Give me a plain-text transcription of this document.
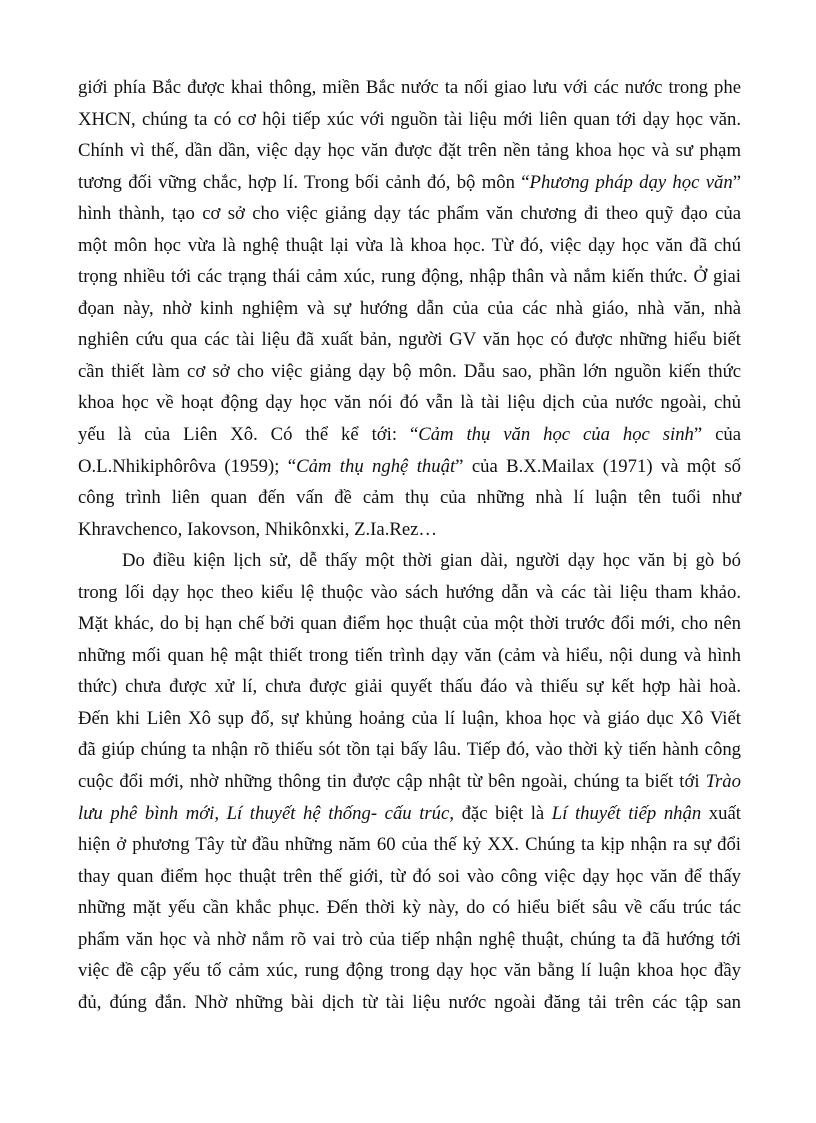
giới phía Bắc được khai thông, miền Bắc nước ta nối giao lưu với các nước trong phe
XHCN, chúng ta có cơ hội tiếp xúc với nguồn tài liệu mới liên quan tới dạy học văn.
Chính vì thế, dần dần, việc dạy học văn được đặt trên nền tảng khoa học và sư phạm
tương đối vững chắc, hợp lí. Trong bối cảnh đó, bộ môn “Phương pháp dạy học văn”
hình thành, tạo cơ sở cho việc giảng dạy tác phẩm văn chương đi theo quỹ đạo của
một môn học vừa là nghệ thuật lại vừa là khoa học. Từ đó, việc dạy học văn đã chú
trọng nhiều tới các trạng thái cảm xúc, rung động, nhập thân và nắm kiến thức. Ở giai
đọan này, nhờ kinh nghiệm và sự hướng dẫn của của các nhà giáo, nhà văn, nhà
nghiên cứu qua các tài liệu đã xuất bản, người GV văn học có được những hiểu biết
cần thiết làm cơ sở cho việc giảng dạy bộ môn. Dẫu sao, phần lớn nguồn kiến thức
khoa học về hoạt động dạy học văn nói đó vẫn là tài liệu dịch của nước ngoài, chủ
yếu là của Liên Xô. Có thể kể tới: “Cảm thụ văn học của học sinh” của
O.L.Nhikiphôrôva (1959); “Cảm thụ nghệ thuật” của B.X.Mailax (1971) và một số
công trình liên quan đến vấn đề cảm thụ của những nhà lí luận tên tuổi như
Khravchenco, Iakovson, Nhikônxki, Z.Ia.Rez…
Do điều kiện lịch sử, dễ thấy một thời gian dài, người dạy học văn bị gò bó
trong lối dạy học theo kiểu lệ thuộc vào sách hướng dẫn và các tài liệu tham khảo.
Mặt khác, do bị hạn chế bởi quan điểm học thuật của một thời trước đổi mới, cho nên
những mối quan hệ mật thiết trong tiến trình dạy văn (cảm và hiểu, nội dung và hình
thức) chưa được xử lí, chưa được giải quyết thấu đáo và thiếu sự kết hợp hài hoà.
Đến khi Liên Xô sụp đổ, sự khủng hoảng của lí luận, khoa học và giáo dục Xô Viết
đã giúp chúng ta nhận rõ thiếu sót tồn tại bấy lâu. Tiếp đó, vào thời kỳ tiến hành công
cuộc đổi mới, nhờ những thông tin được cập nhật từ bên ngoài, chúng ta biết tới Trào
lưu phê bình mới, Lí thuyết hệ thống- cấu trúc, đặc biệt là Lí thuyết tiếp nhận xuất
hiện ở phương Tây từ đầu những năm 60 của thế kỷ XX. Chúng ta kịp nhận ra sự đổi
thay quan điểm học thuật trên thế giới, từ đó soi vào công việc dạy học văn để thấy
những mặt yếu cần khắc phục. Đến thời kỳ này, do có hiểu biết sâu về cấu trúc tác
phẩm văn học và nhờ nắm rõ vai trò của tiếp nhận nghệ thuật, chúng ta đã hướng tới
việc đề cập yếu tố cảm xúc, rung động trong dạy học văn bằng lí luận khoa học đầy
đủ, đúng đắn. Nhờ những bài dịch từ tài liệu nước ngoài đăng tải trên các tập san
